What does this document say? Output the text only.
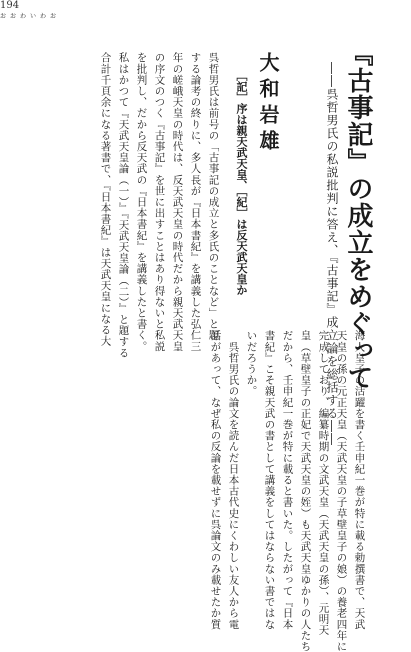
194
『古事記』の成立をめぐって
――呉哲男氏の私説批判に答え、『古事記』成立論を総括する――
おおわいわお
大和岩雄
［記］序は親天武天皇、［紀］は反天武天皇か
呉哲男氏は前号の「古事記の成立と多氏のことなど」と題
する論考の終りに、多人長が『日本書紀』を講義した弘仁三
年の嵯峨天皇の時代は、反天武天皇の時代だから親天武天皇
の序文のつく『古事記』を世に出すことはあり得ないと私説
を批判し、だから反天武の『日本書紀』を講義したと書く。
私はかつて『天武天皇論（一）』『天武天皇論（二）』と題する
合計千頁余になる著書で、『日本書紀』は天武天皇になる大
海人皇子の活躍を書く壬申紀一巻が特に載る勅撰書で、天武
天皇の孫の元正天皇（天武天皇の子草壁皇子の娘）の養老四年に
完成しており、編纂時期の文武天皇（天武天皇の孫）、元明天
皇（草壁皇子の正妃で天武天皇の姪）も天武天皇ゆかりの人たち
だから、壬申紀一巻が特に載ると書いた。したがって『日本
書紀』こそ親天武の書として講義をしてはならない書ではな
いだろうか。
　呉哲男氏の論文を読んだ日本古代史にくわしい友人から電
話があって、なぜ私の反論を載せずに呉論文のみ載せたか質
